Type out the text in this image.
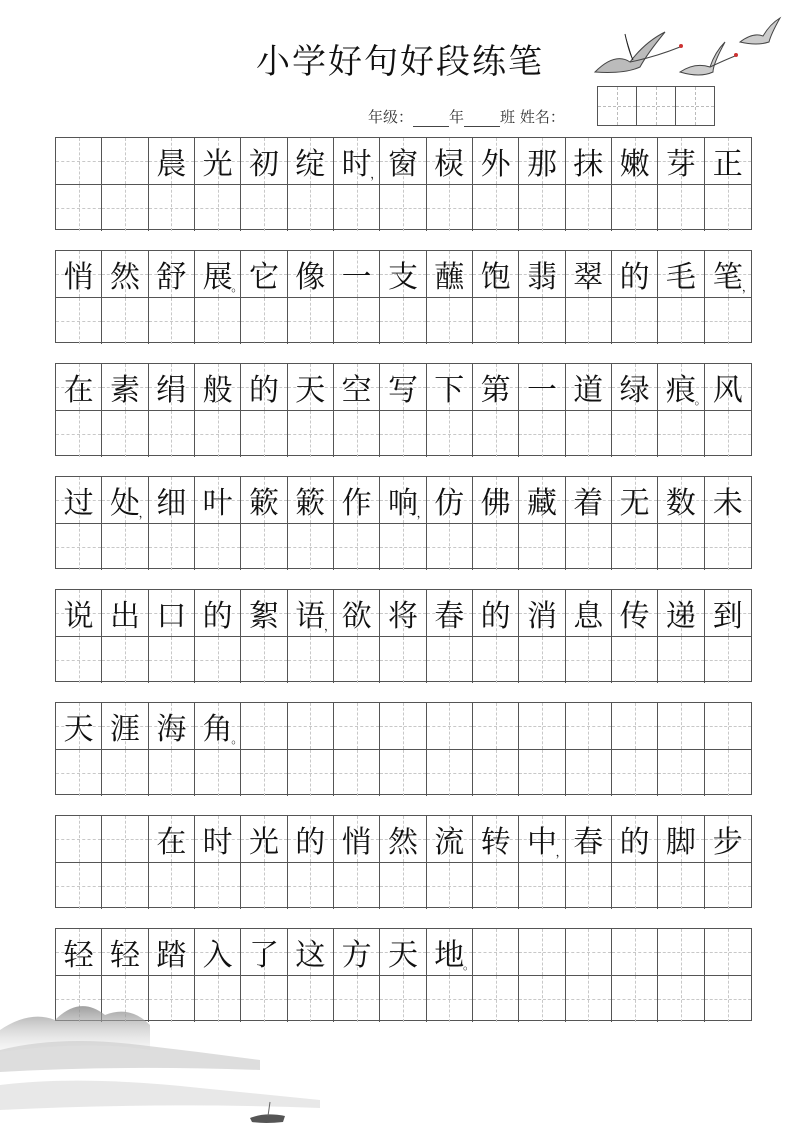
小学好句好段练笔
年级： 年 班 姓名：
晨 光 初 绽 时
， 窗 棂 外 那 抹 嫩 芽 正
悄 然 舒 展
。 它 像 一 支 蘸 饱 翡 翠 的 毛 笔 ，
在 素 绢 般 的 天 空 写 下 第 一 道 绿 痕
。 风
过 处
， 细 叶 簌 簌 作 响
， 仿 佛 藏 着 无 数 未
说 出 口 的 絮 语
， 欲 将 春 的 消 息 传 递 到
天 涯 海 角
。
在 时 光 的 悄 然 流 转 中
， 春 的 脚 步
轻 轻 踏 入 了 这 方 天 地
。
